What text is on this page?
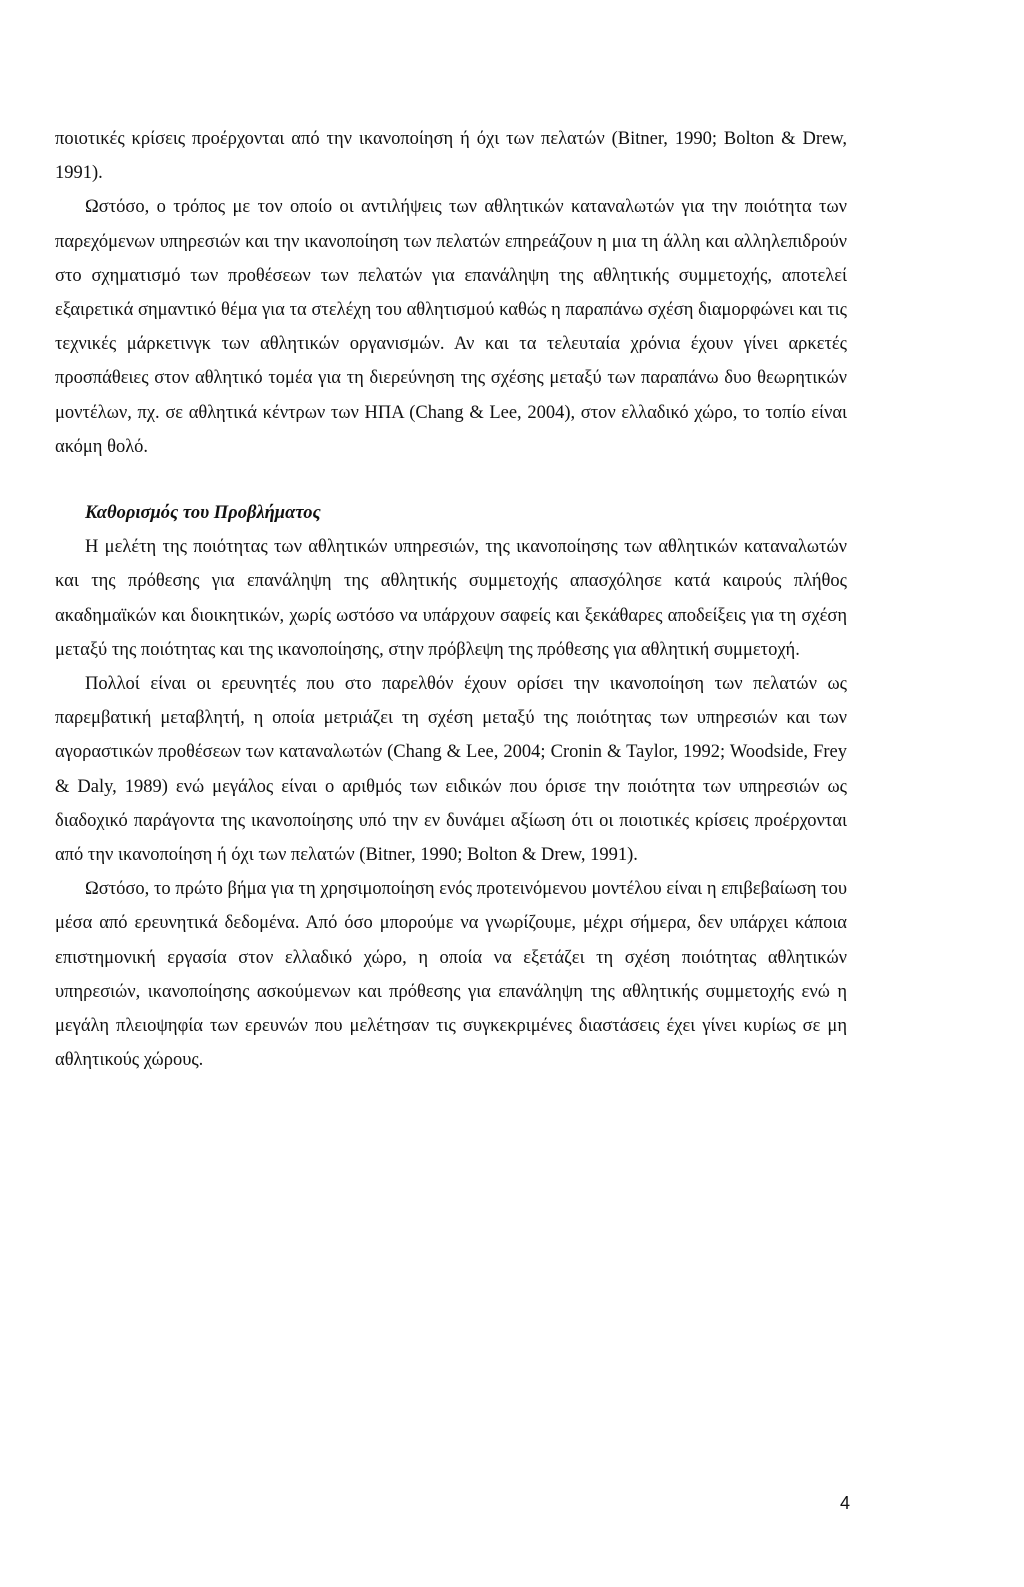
ποιοτικές κρίσεις προέρχονται από την ικανοποίηση ή όχι των πελατών (Bitner, 1990; Bolton & Drew, 1991).

Ωστόσο, ο τρόπος με τον οποίο οι αντιλήψεις των αθλητικών καταναλωτών για την ποιότητα των παρεχόμενων υπηρεσιών και την ικανοποίηση των πελατών επηρεάζουν η μια τη άλλη και αλληλεπιδρούν στο σχηματισμό των προθέσεων των πελατών για επανάληψη της αθλητικής συμμετοχής, αποτελεί εξαιρετικά σημαντικό θέμα για τα στελέχη του αθλητισμού καθώς η παραπάνω σχέση διαμορφώνει και τις τεχνικές μάρκετινγκ των αθλητικών οργανισμών. Αν και τα τελευταία χρόνια έχουν γίνει αρκετές προσπάθειες στον αθλητικό τομέα για τη διερεύνηση της σχέσης μεταξύ των παραπάνω δυο θεωρητικών μοντέλων, πχ. σε αθλητικά κέντρων των ΗΠΑ (Chang & Lee, 2004), στον ελλαδικό χώρο, το τοπίο είναι ακόμη θολό.

Καθορισμός του Προβλήματος

Η μελέτη της ποιότητας των αθλητικών υπηρεσιών, της ικανοποίησης των αθλητικών καταναλωτών και της πρόθεσης για επανάληψη της αθλητικής συμμετοχής απασχόλησε κατά καιρούς πλήθος ακαδημαϊκών και διοικητικών, χωρίς ωστόσο να υπάρχουν σαφείς και ξεκάθαρες αποδείξεις για τη σχέση μεταξύ της ποιότητας και της ικανοποίησης, στην πρόβλεψη της πρόθεσης για αθλητική συμμετοχή.

Πολλοί είναι οι ερευνητές που στο παρελθόν έχουν ορίσει την ικανοποίηση των πελατών ως παρεμβατική μεταβλητή, η οποία μετριάζει τη σχέση μεταξύ της ποιότητας των υπηρεσιών και των αγοραστικών προθέσεων των καταναλωτών (Chang & Lee, 2004; Cronin & Taylor, 1992; Woodside, Frey & Daly, 1989) ενώ μεγάλος είναι ο αριθμός των ειδικών που όρισε την ποιότητα των υπηρεσιών ως διαδοχικό παράγοντα της ικανοποίησης υπό την εν δυνάμει αξίωση ότι οι ποιοτικές κρίσεις προέρχονται από την ικανοποίηση ή όχι των πελατών (Bitner, 1990; Bolton & Drew, 1991).

Ωστόσο, το πρώτο βήμα για τη χρησιμοποίηση ενός προτεινόμενου μοντέλου είναι η επιβεβαίωση του μέσα από ερευνητικά δεδομένα. Από όσο μπορούμε να γνωρίζουμε, μέχρι σήμερα, δεν υπάρχει κάποια επιστημονική εργασία στον ελλαδικό χώρο, η οποία να εξετάζει τη σχέση ποιότητας αθλητικών υπηρεσιών, ικανοποίησης ασκούμενων και πρόθεσης για επανάληψη της αθλητικής συμμετοχής ενώ η μεγάλη πλειοψηφία των ερευνών που μελέτησαν τις συγκεκριμένες διαστάσεις έχει γίνει κυρίως σε μη αθλητικούς χώρους.

4
